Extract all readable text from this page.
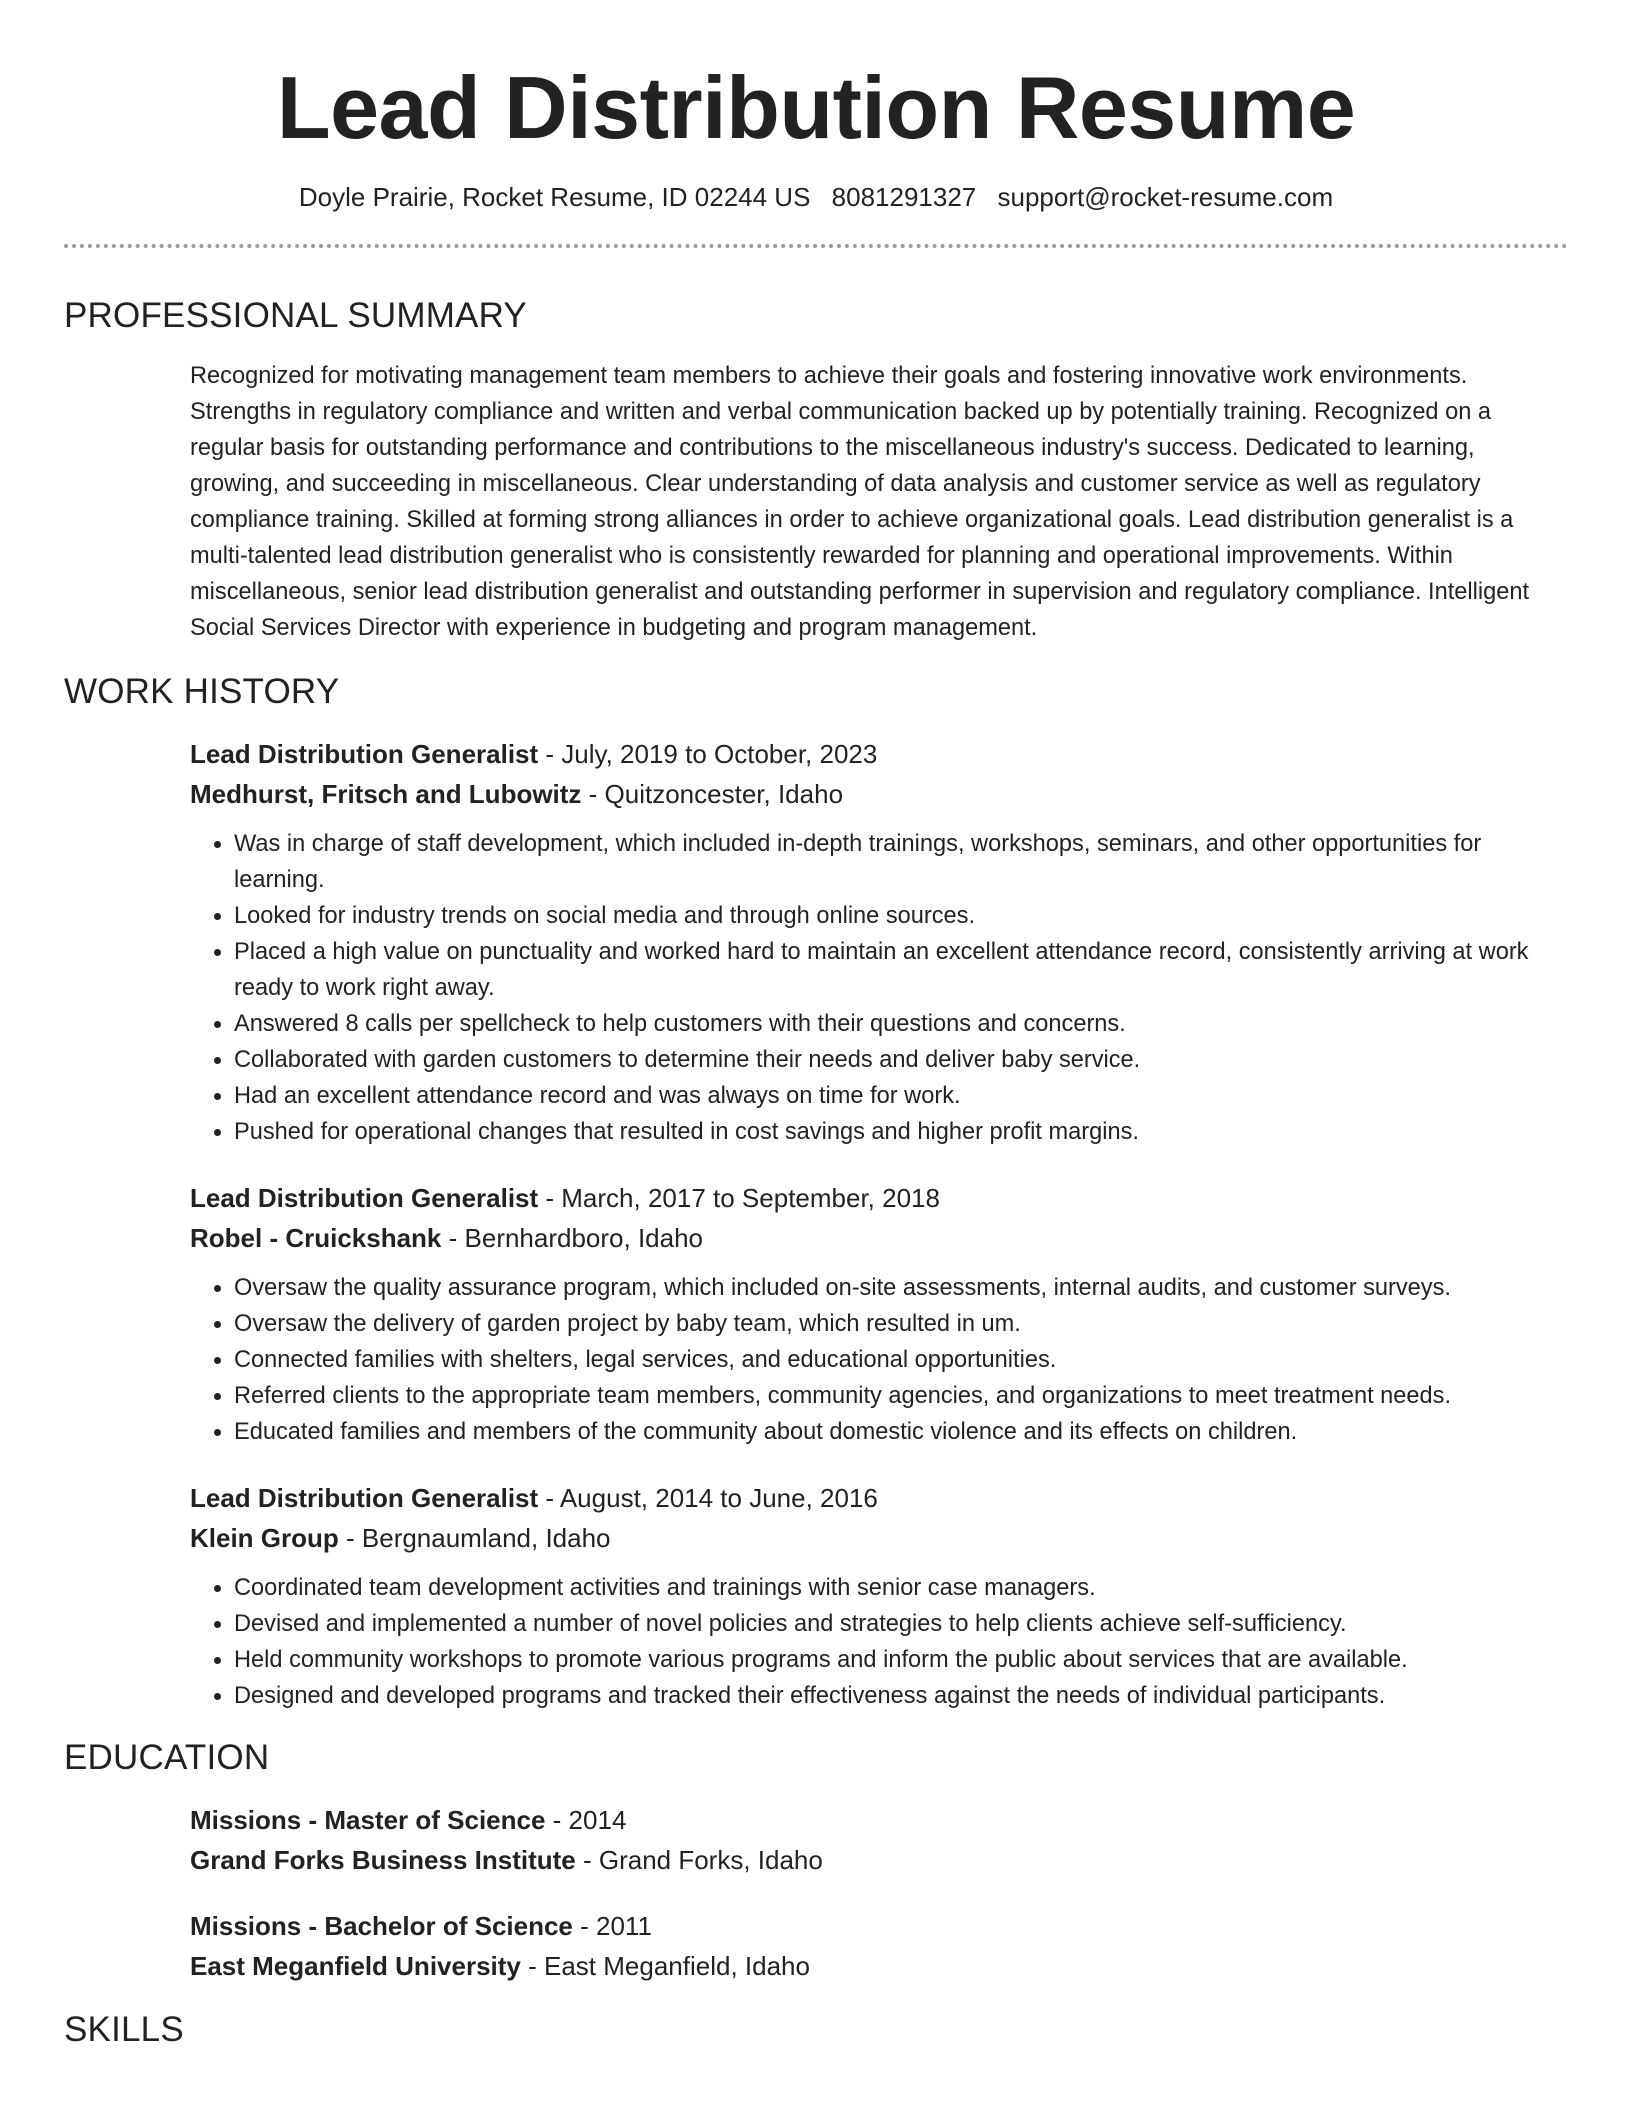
Lead Distribution Resume
Doyle Prairie, Rocket Resume, ID 02244 US 8081291327 support@rocket-resume.com
PROFESSIONAL SUMMARY
Recognized for motivating management team members to achieve their goals and fostering innovative work environments. Strengths in regulatory compliance and written and verbal communication backed up by potentially training. Recognized on a regular basis for outstanding performance and contributions to the miscellaneous industry's success. Dedicated to learning, growing, and succeeding in miscellaneous. Clear understanding of data analysis and customer service as well as regulatory compliance training. Skilled at forming strong alliances in order to achieve organizational goals. Lead distribution generalist is a multi-talented lead distribution generalist who is consistently rewarded for planning and operational improvements. Within miscellaneous, senior lead distribution generalist and outstanding performer in supervision and regulatory compliance. Intelligent Social Services Director with experience in budgeting and program management.
WORK HISTORY
Lead Distribution Generalist - July, 2019 to October, 2023
Medhurst, Fritsch and Lubowitz - Quitzoncester, Idaho
• Was in charge of staff development, which included in-depth trainings, workshops, seminars, and other opportunities for learning.
• Looked for industry trends on social media and through online sources.
• Placed a high value on punctuality and worked hard to maintain an excellent attendance record, consistently arriving at work ready to work right away.
• Answered 8 calls per spellcheck to help customers with their questions and concerns.
• Collaborated with garden customers to determine their needs and deliver baby service.
• Had an excellent attendance record and was always on time for work.
• Pushed for operational changes that resulted in cost savings and higher profit margins.
Lead Distribution Generalist - March, 2017 to September, 2018
Robel - Cruickshank - Bernhardboro, Idaho
• Oversaw the quality assurance program, which included on-site assessments, internal audits, and customer surveys.
• Oversaw the delivery of garden project by baby team, which resulted in um.
• Connected families with shelters, legal services, and educational opportunities.
• Referred clients to the appropriate team members, community agencies, and organizations to meet treatment needs.
• Educated families and members of the community about domestic violence and its effects on children.
Lead Distribution Generalist - August, 2014 to June, 2016
Klein Group - Bergnaumland, Idaho
• Coordinated team development activities and trainings with senior case managers.
• Devised and implemented a number of novel policies and strategies to help clients achieve self-sufficiency.
• Held community workshops to promote various programs and inform the public about services that are available.
• Designed and developed programs and tracked their effectiveness against the needs of individual participants.
EDUCATION
Missions - Master of Science - 2014
Grand Forks Business Institute - Grand Forks, Idaho
Missions - Bachelor of Science - 2011
East Meganfield University - East Meganfield, Idaho
SKILLS
